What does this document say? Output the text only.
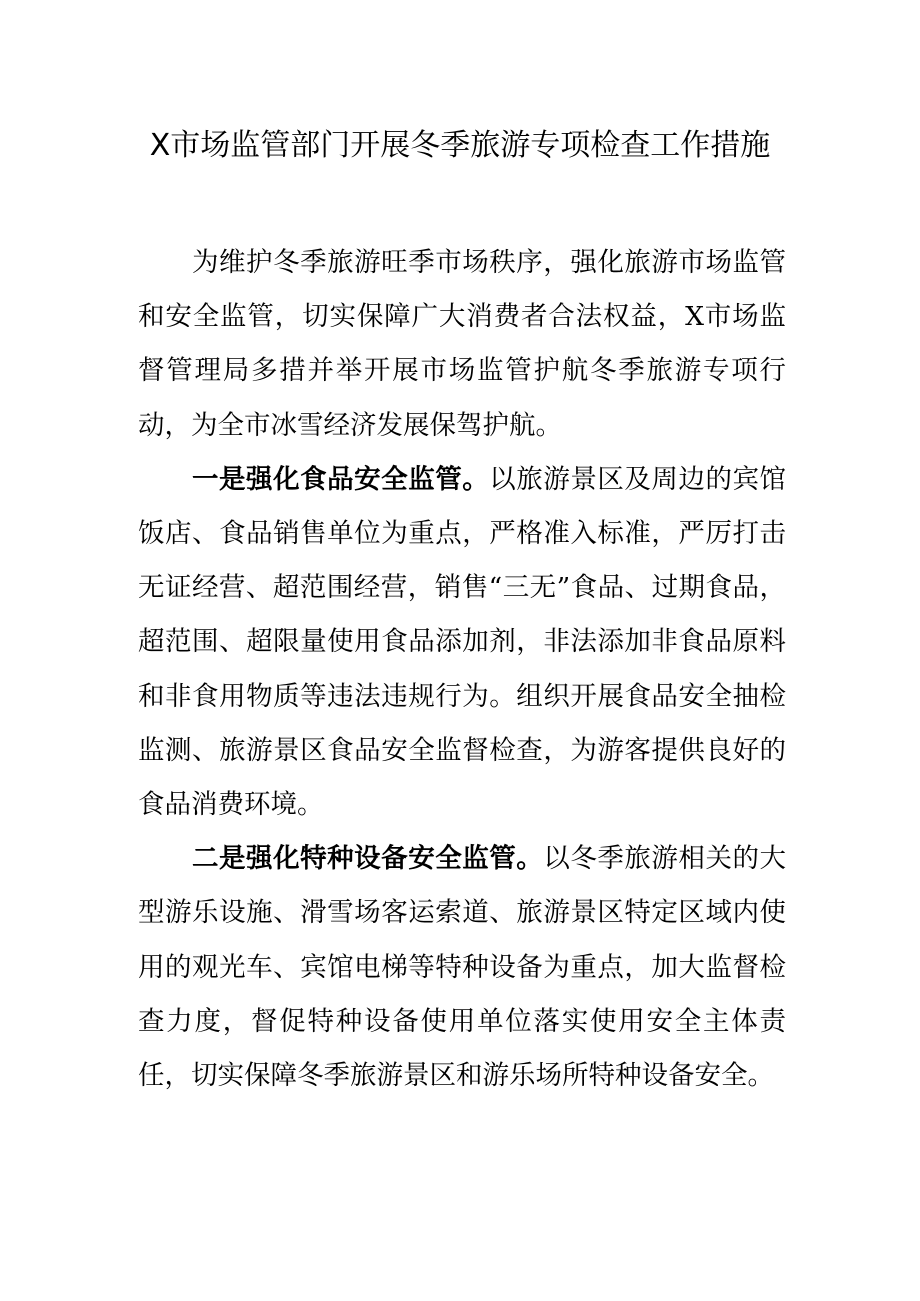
X市场监管部门开展冬季旅游专项检查工作措施

为维护冬季旅游旺季市场秩序，强化旅游市场监管和安全监管，切实保障广大消费者合法权益，X市场监督管理局多措并举开展市场监管护航冬季旅游专项行动，为全市冰雪经济发展保驾护航。

一是强化食品安全监管。以旅游景区及周边的宾馆饭店、食品销售单位为重点，严格准入标准，严厉打击无证经营、超范围经营，销售“三无”食品、过期食品，超范围、超限量使用食品添加剂，非法添加非食品原料和非食用物质等违法违规行为。组织开展食品安全抽检监测、旅游景区食品安全监督检查，为游客提供良好的食品消费环境。

二是强化特种设备安全监管。以冬季旅游相关的大型游乐设施、滑雪场客运索道、旅游景区特定区域内使用的观光车、宾馆电梯等特种设备为重点，加大监督检查力度，督促特种设备使用单位落实使用安全主体责任，切实保障冬季旅游景区和游乐场所特种设备安全。
